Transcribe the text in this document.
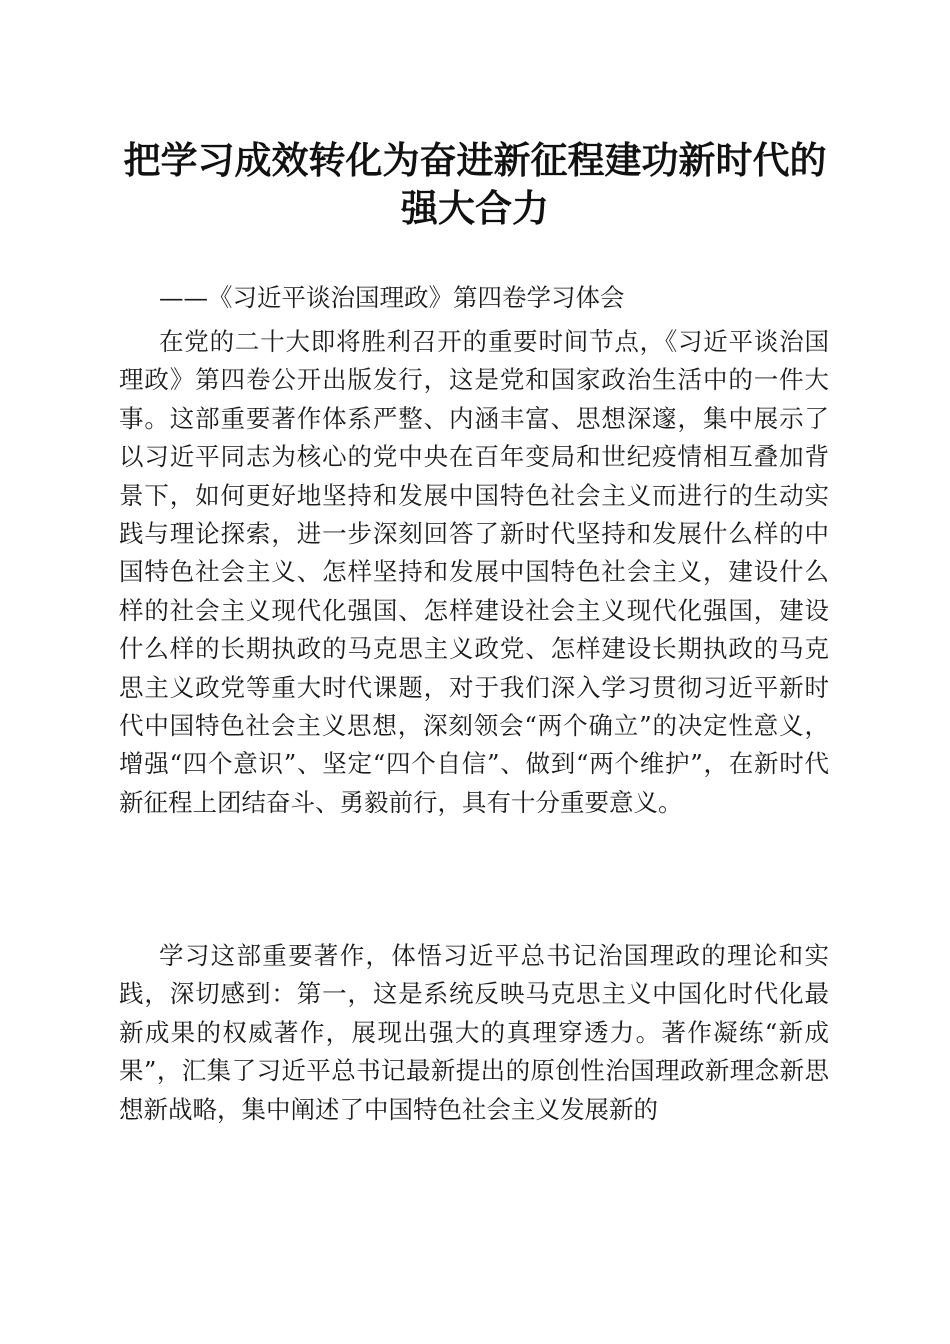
把学习成效转化为奋进新征程建功新时代的强大合力

——《习近平谈治国理政》第四卷学习体会

在党的二十大即将胜利召开的重要时间节点，《习近平谈治国理政》第四卷公开出版发行，这是党和国家政治生活中的一件大事。这部重要著作体系严整、内涵丰富、思想深邃，集中展示了以习近平同志为核心的党中央在百年变局和世纪疫情相互叠加背景下，如何更好地坚持和发展中国特色社会主义而进行的生动实践与理论探索，进一步深刻回答了新时代坚持和发展什么样的中国特色社会主义、怎样坚持和发展中国特色社会主义，建设什么样的社会主义现代化强国、怎样建设社会主义现代化强国，建设什么样的长期执政的马克思主义政党、怎样建设长期执政的马克思主义政党等重大时代课题，对于我们深入学习贯彻习近平新时代中国特色社会主义思想，深刻领会“两个确立”的决定性意义，增强“四个意识”、坚定“四个自信”、做到“两个维护”，在新时代新征程上团结奋斗、勇毅前行，具有十分重要意义。

学习这部重要著作，体悟习近平总书记治国理政的理论和实践，深切感到：第一，这是系统反映马克思主义中国化时代化最新成果的权威著作，展现出强大的真理穿透力。著作凝练“新成果”，汇集了习近平总书记最新提出的原创性治国理政新理念新思想新战略，集中阐述了中国特色社会主义发展新的
